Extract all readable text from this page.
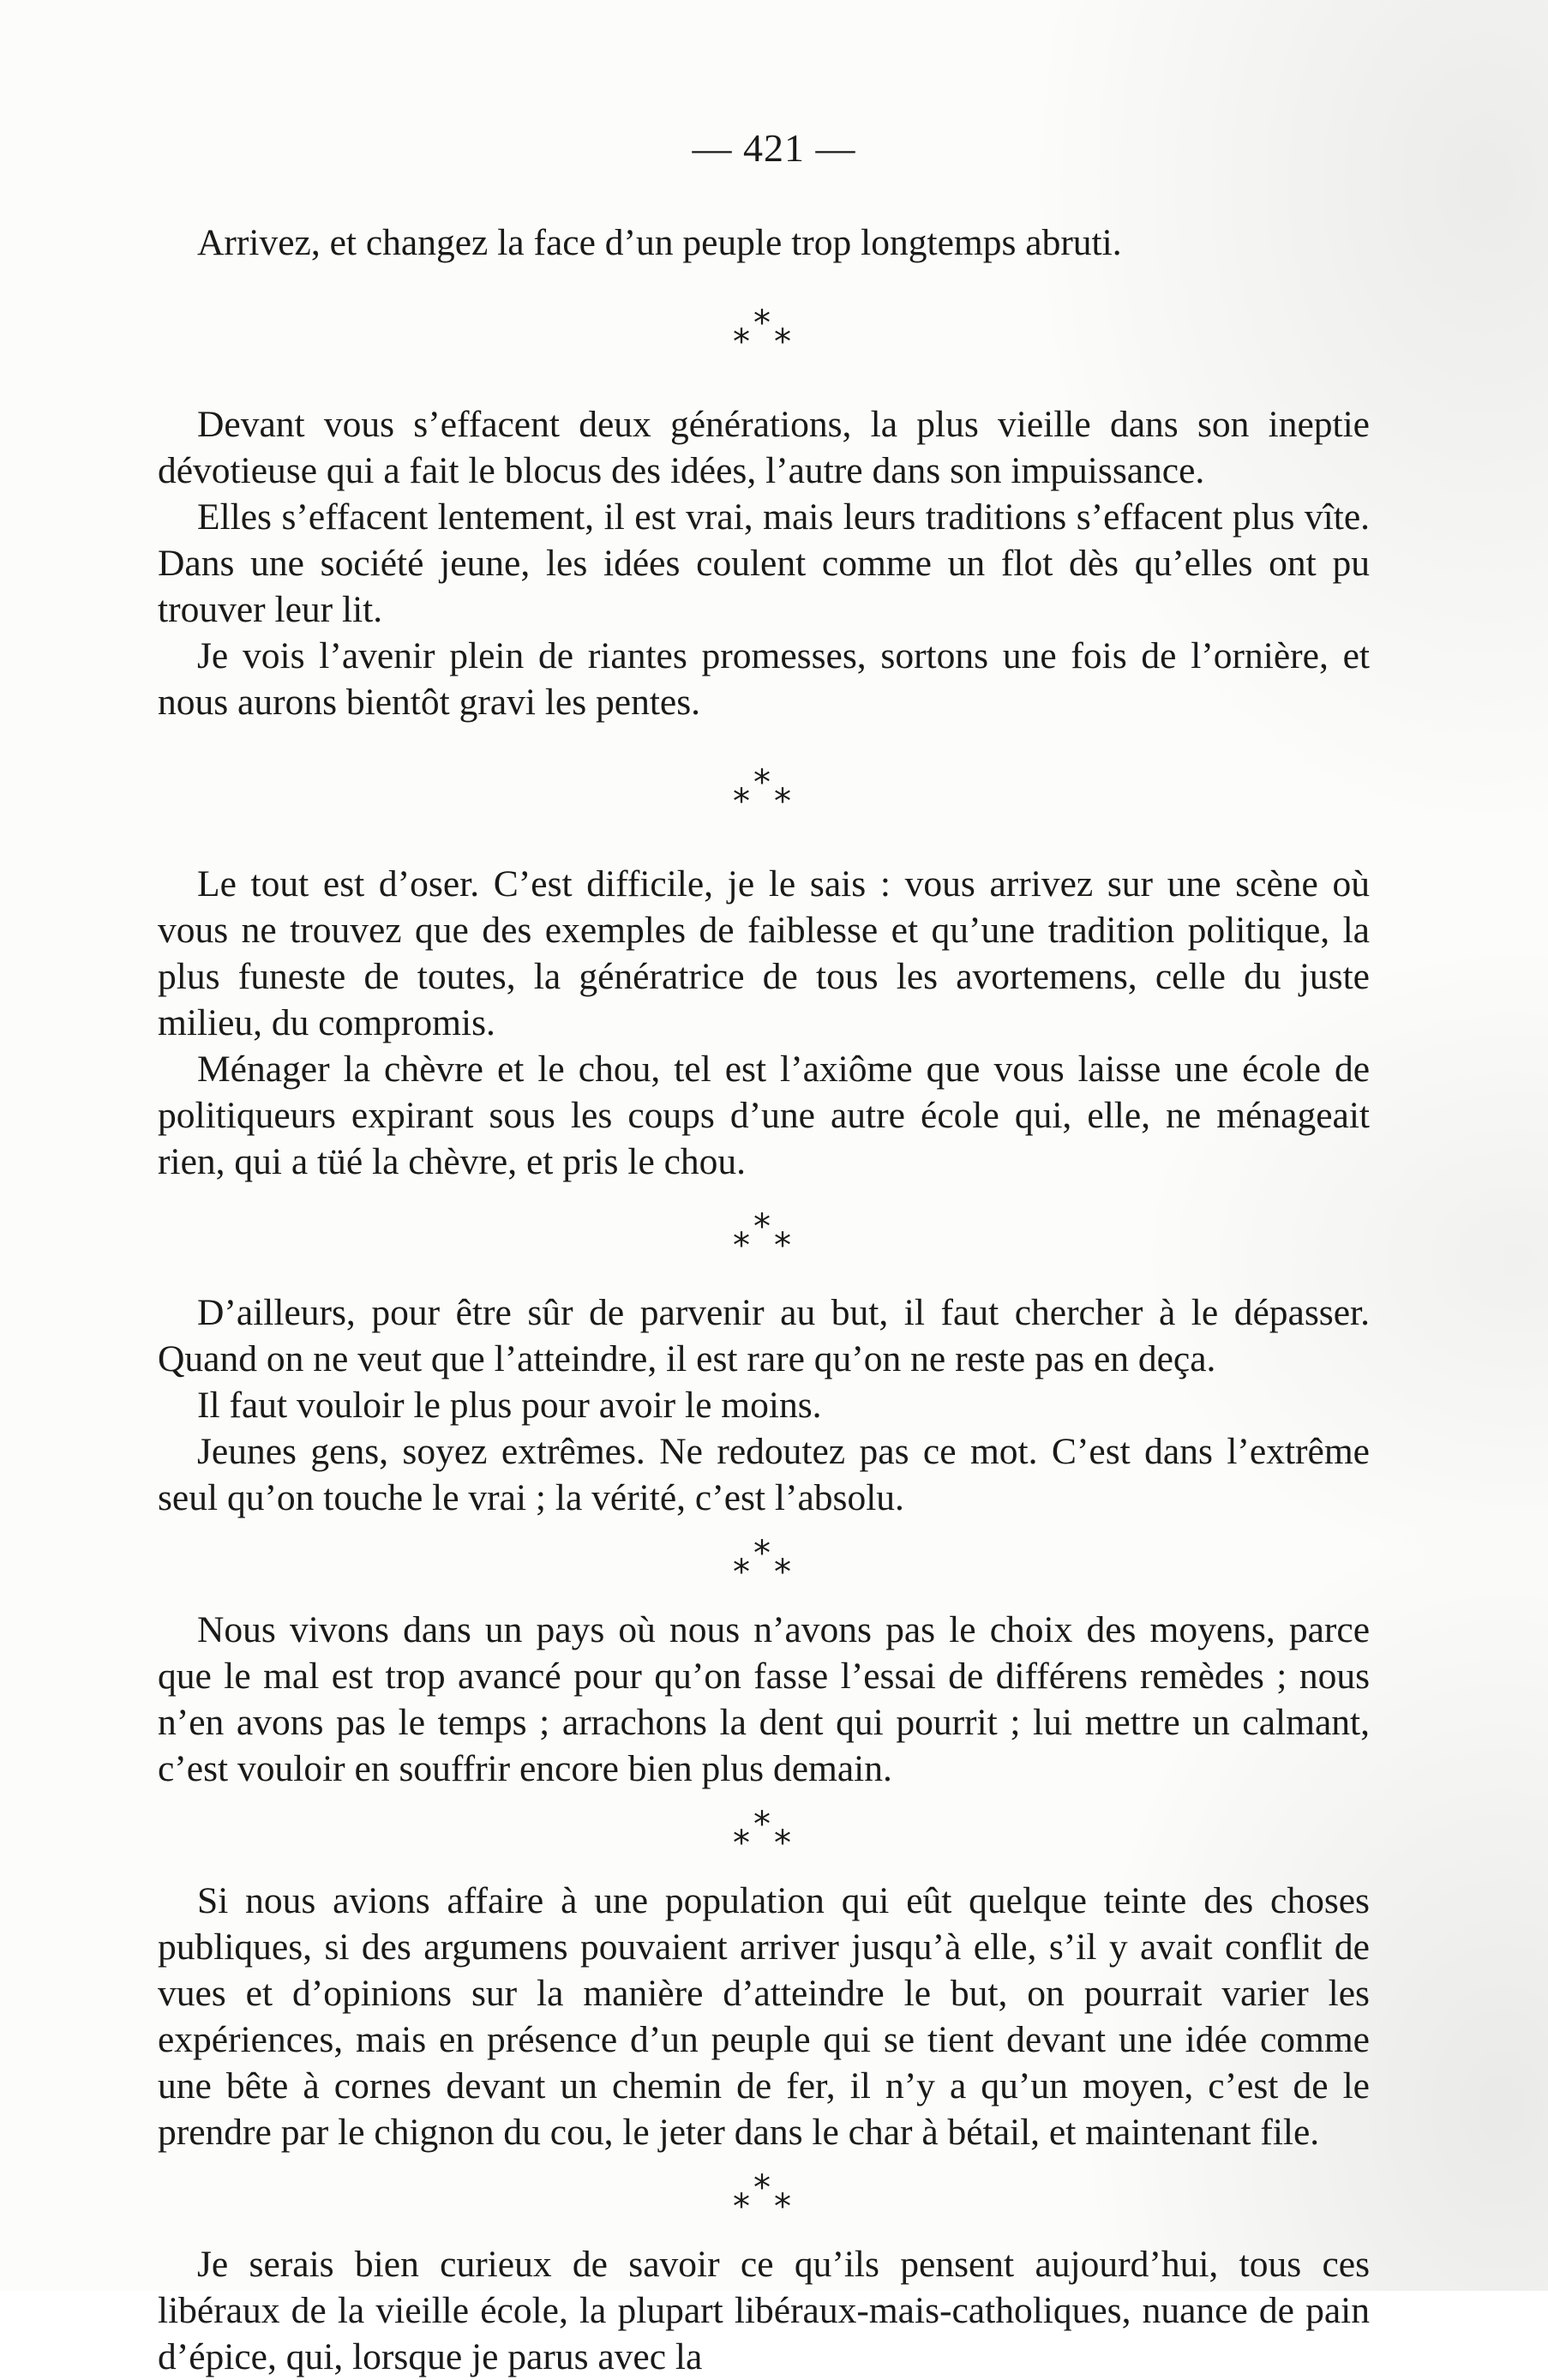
— 421 —

Arrivez, et changez la face d’un peuple trop longtemps abruti.

*
* *

Devant vous s’effacent deux générations, la plus vieille dans son ineptie dévotieuse qui a fait le blocus des idées, l’autre dans son impuissance.

Elles s’effacent lentement, il est vrai, mais leurs traditions s’effacent plus vîte. Dans une société jeune, les idées coulent comme un flot dès qu’elles ont pu trouver leur lit.

Je vois l’avenir plein de riantes promesses, sortons une fois de l’ornière, et nous aurons bientôt gravi les pentes.

*
* *

Le tout est d’oser. C’est difficile, je le sais : vous arrivez sur une scène où vous ne trouvez que des exemples de faiblesse et qu’une tradition politique, la plus funeste de toutes, la génératrice de tous les avortemens, celle du juste milieu, du compromis.

Ménager la chèvre et le chou, tel est l’axiôme que vous laisse une école de politiqueurs expirant sous les coups d’une autre école qui, elle, ne ménageait rien, qui a tüé la chèvre, et pris le chou.

*
* *

D’ailleurs, pour être sûr de parvenir au but, il faut chercher à le dépasser. Quand on ne veut que l’atteindre, il est rare qu’on ne reste pas en deça.

Il faut vouloir le plus pour avoir le moins.

Jeunes gens, soyez extrêmes. Ne redoutez pas ce mot. C’est dans l’extrême seul qu’on touche le vrai ; la vérité, c’est l’absolu.

*
* *

Nous vivons dans un pays où nous n’avons pas le choix des moyens, parce que le mal est trop avancé pour qu’on fasse l’essai de différens remèdes ; nous n’en avons pas le temps ; arrachons la dent qui pourrit ; lui mettre un calmant, c’est vouloir en souffrir encore bien plus demain.

*
* *

Si nous avions affaire à une population qui eût quelque teinte des choses publiques, si des argumens pouvaient arriver jusqu’à elle, s’il y avait conflit de vues et d’opinions sur la manière d’atteindre le but, on pourrait varier les expériences, mais en présence d’un peuple qui se tient devant une idée comme une bête à cornes devant un chemin de fer, il n’y a qu’un moyen, c’est de le prendre par le chignon du cou, le jeter dans le char à bétail, et maintenant file.

*
* *

Je serais bien curieux de savoir ce qu’ils pensent aujourd’hui, tous ces libéraux de la vieille école, la plupart libéraux-mais-catholiques, nuance de pain d’épice, qui, lorsque je parus avec la
